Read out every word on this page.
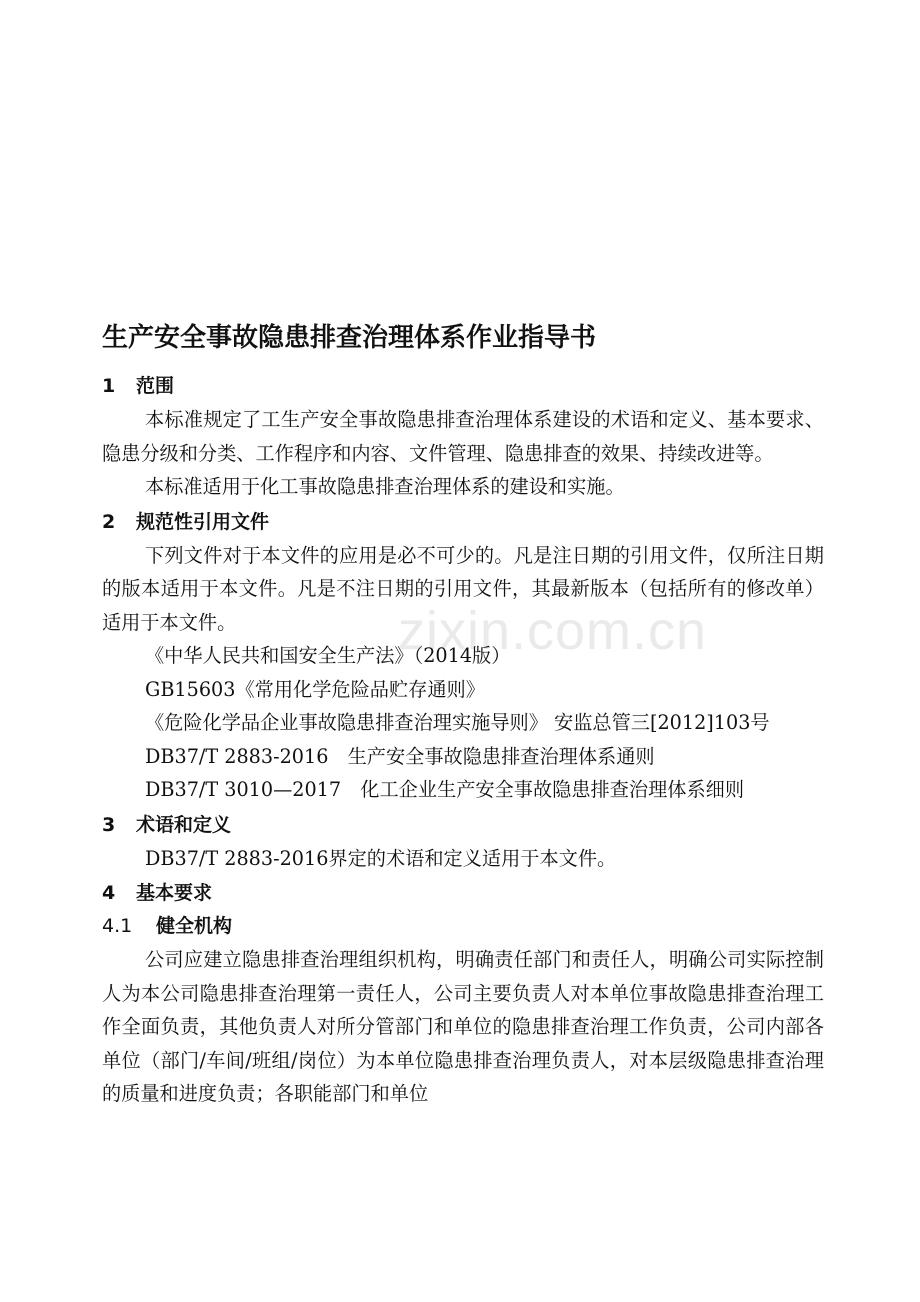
zixin.com.cn
生产安全事故隐患排查治理体系作业指导书
1 范围

本标准规定了工生产安全事故隐患排查治理体系建设的术语和定义、基本要求、隐患分级和分类、工作程序和内容、文件管理、隐患排查的效果、持续改进等。

本标准适用于化工事故隐患排查治理体系的建设和实施。

2 规范性引用文件

下列文件对于本文件的应用是必不可少的。凡是注日期的引用文件，仅所注日期的版本适用于本文件。凡是不注日期的引用文件，其最新版本（包括所有的修改单）适用于本文件。

《中华人民共和国安全生产法》（2014版）

GB15603《常用化学危险品贮存通则》

《危险化学品企业事故隐患排查治理实施导则》 安监总管三[2012]103号

DB37/T 2883-2016　生产安全事故隐患排查治理体系通则

DB37/T 3010—2017　化工企业生产安全事故隐患排查治理体系细则

3 术语和定义

DB37/T 2883-2016界定的术语和定义适用于本文件。

4 基本要求
4.1 健全机构

公司应建立隐患排查治理组织机构，明确责任部门和责任人，明确公司实际控制人为本公司隐患排查治理第一责任人，公司主要负责人对本单位事故隐患排查治理工作全面负责，其他负责人对所分管部门和单位的隐患排查治理工作负责，公司内部各单位（部门/车间/班组/岗位）为本单位隐患排查治理负责人，对本层级隐患排查治理的质量和进度负责；各职能部门和单位
